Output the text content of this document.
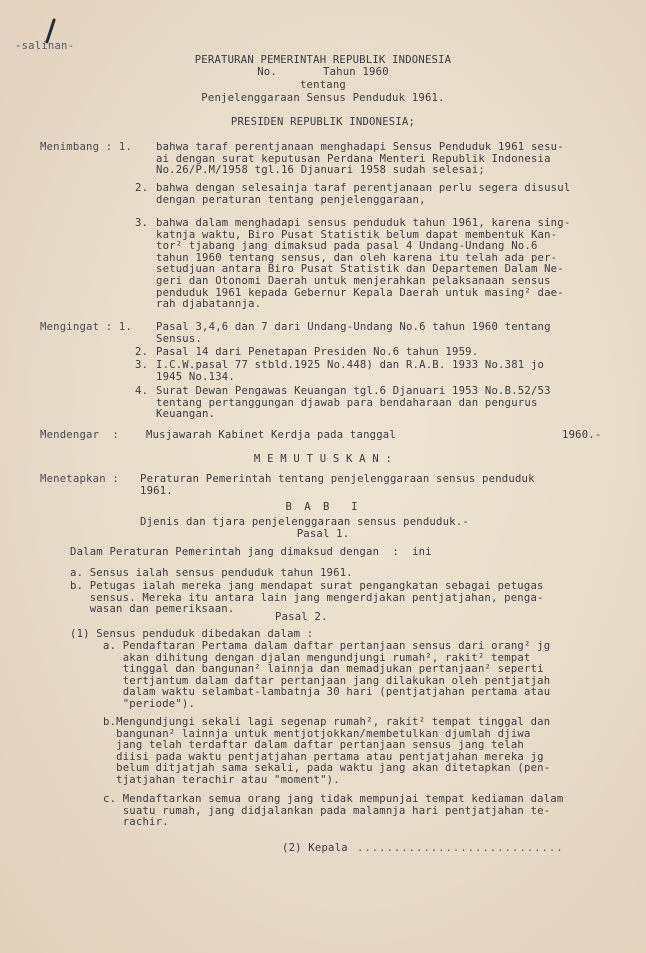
-salinan-
PERATURAN PEMERINTAH REPUBLIK INDONESIA
No.       Tahun 1960
tentang
Penjelenggaraan Sensus Penduduk 1961.
PRESIDEN REPUBLIK INDONESIA;
Menimbang : 1. bahwa taraf perentjanaan menghadapi Sensus Penduduk 1961 sesu-
ai dengan surat keputusan Perdana Menteri Republik Indonesia
No.26/P.M/1958 tgl.16 Djanuari 1958 sudah selesai;
2. bahwa dengan selesainja taraf perentjanaan perlu segera disusul
dengan peraturan tentang penjelenggaraan,
3. bahwa dalam menghadapi sensus penduduk tahun 1961, karena sing-
katnja waktu, Biro Pusat Statistik belum dapat membentuk Kan-
tor² tjabang jang dimaksud pada pasal 4 Undang-Undang No.6
tahun 1960 tentang sensus, dan oleh karena itu telah ada per-
setudjuan antara Biro Pusat Statistik dan Departemen Dalam Ne-
geri dan Otonomi Daerah untuk menjerahkan pelaksanaan sensus
penduduk 1961 kepada Gebernur Kepala Daerah untuk masing² dae-
rah djabatannja.
Mengingat : 1. Pasal 3,4,6 dan 7 dari Undang-Undang No.6 tahun 1960 tentang
Sensus.
2. Pasal 14 dari Penetapan Presiden No.6 tahun 1959.
3. I.C.W.pasal 77 stbld.1925 No.448) dan R.A.B. 1933 No.381 jo
1945 No.134.
4. Surat Dewan Pengawas Keuangan tgl.6 Djanuari 1953 No.B.52/53
tentang pertanggungan djawab para bendaharaan dan pengurus
Keuangan.
Mendengar  :	Musjawarah Kabinet Kerdja pada tanggal	1960.-
M E M U T U S K A N :
Menetapkan : Peraturan Pemerintah tentang penjelenggaraan sensus penduduk
1961.
B A B  I
Djenis dan tjara penjelenggaraan sensus penduduk.-
Pasal 1.
Dalam Peraturan Pemerintah jang dimaksud dengan  :  ini
a. Sensus ialah sensus penduduk tahun 1961.
b. Petugas ialah mereka jang mendapat surat pengangkatan sebagai petugas
sensus. Mereka itu antara lain jang mengerdjakan pentjatjahan, penga-
wasan dan pemeriksaan.
Pasal 2.
(1) Sensus penduduk dibedakan dalam :
a. Pendaftaran Pertama dalam daftar pertanjaan sensus dari orang² jg
akan dihitung dengan djalan mengundjungi rumah², rakit² tempat
tinggal dan bangunan² lainnja dan memadjukan pertanjaan² seperti
tertjantum dalam daftar pertanjaan jang dilakukan oleh pentjatjah
dalam waktu selambat-lambatnja 30 hari (pentjatjahan pertama atau
"periode").
b.Mengundjungi sekali lagi segenap rumah², rakit² tempat tinggal dan
bangunan² lainnja untuk mentjotjokkan/membetulkan djumlah djiwa
jang telah terdaftar dalam daftar pertanjaan sensus jang telah
diisi pada waktu pentjatjahan pertama atau pentjatjahan mereka jg
belum ditjatjah sama sekali, pada waktu jang akan ditetapkan (pen-
tjatjahan terachir atau "moment").
c. Mendaftarkan semua orang jang tidak mempunjai tempat kediaman dalam
suatu rumah, jang didjalankan pada malamnja hari pentjatjahan te-
rachir.
(2) Kepala ............................
